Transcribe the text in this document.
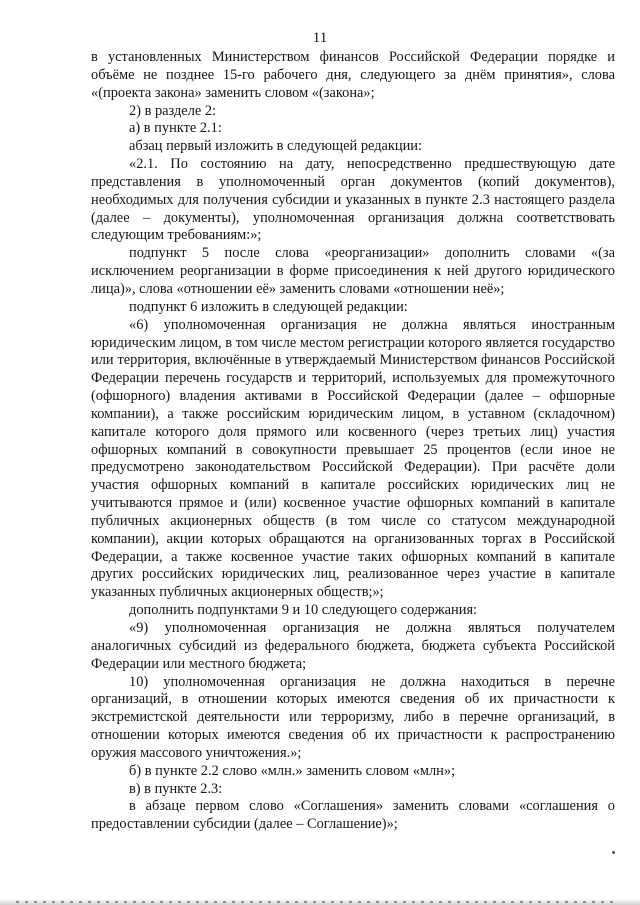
11

в установленных Министерством финансов Российской Федерации порядке и объёме не позднее 15-го рабочего дня, следующего за днём принятия», слова «(проекта закона» заменить словом «(закона»;

2) в разделе 2:

а) в пункте 2.1:

абзац первый изложить в следующей редакции:

«2.1. По состоянию на дату, непосредственно предшествующую дате представления в уполномоченный орган документов (копий документов), необходимых для получения субсидии и указанных в пункте 2.3 настоящего раздела (далее – документы), уполномоченная организация должна соответствовать следующим требованиям:»;

подпункт 5 после слова «реорганизации» дополнить словами «(за исключением реорганизации в форме присоединения к ней другого юридического лица)», слова «отношении её» заменить словами «отношении неё»;

подпункт 6 изложить в следующей редакции:

«6) уполномоченная организация не должна являться иностранным юридическим лицом, в том числе местом регистрации которого является государство или территория, включённые в утверждаемый Министерством финансов Российской Федерации перечень государств и территорий, используемых для промежуточного (офшорного) владения активами в Российской Федерации (далее – офшорные компании), а также российским юридическим лицом, в уставном (складочном) капитале которого доля прямого или косвенного (через третьих лиц) участия офшорных компаний в совокупности превышает 25 процентов (если иное не предусмотрено законодательством Российской Федерации). При расчёте доли участия офшорных компаний в капитале российских юридических лиц не учитываются прямое и (или) косвенное участие офшорных компаний в капитале публичных акционерных обществ (в том числе со статусом международной компании), акции которых обращаются на организованных торгах в Российской Федерации, а также косвенное участие таких офшорных компаний в капитале других российских юридических лиц, реализованное через участие в капитале указанных публичных акционерных обществ;»;

дополнить подпунктами 9 и 10 следующего содержания:

«9) уполномоченная организация не должна являться получателем аналогичных субсидий из федерального бюджета, бюджета субъекта Российской Федерации или местного бюджета;

10) уполномоченная организация не должна находиться в перечне организаций, в отношении которых имеются сведения об их причастности к экстремистской деятельности или терроризму, либо в перечне организаций, в отношении которых имеются сведения об их причастности к распространению оружия массового уничтожения.»;

б) в пункте 2.2 слово «млн.» заменить словом «млн»;

в) в пункте 2.3:

в абзаце первом слово «Соглашения» заменить словами «соглашения о предоставлении субсидии (далее – Соглашение)»;
